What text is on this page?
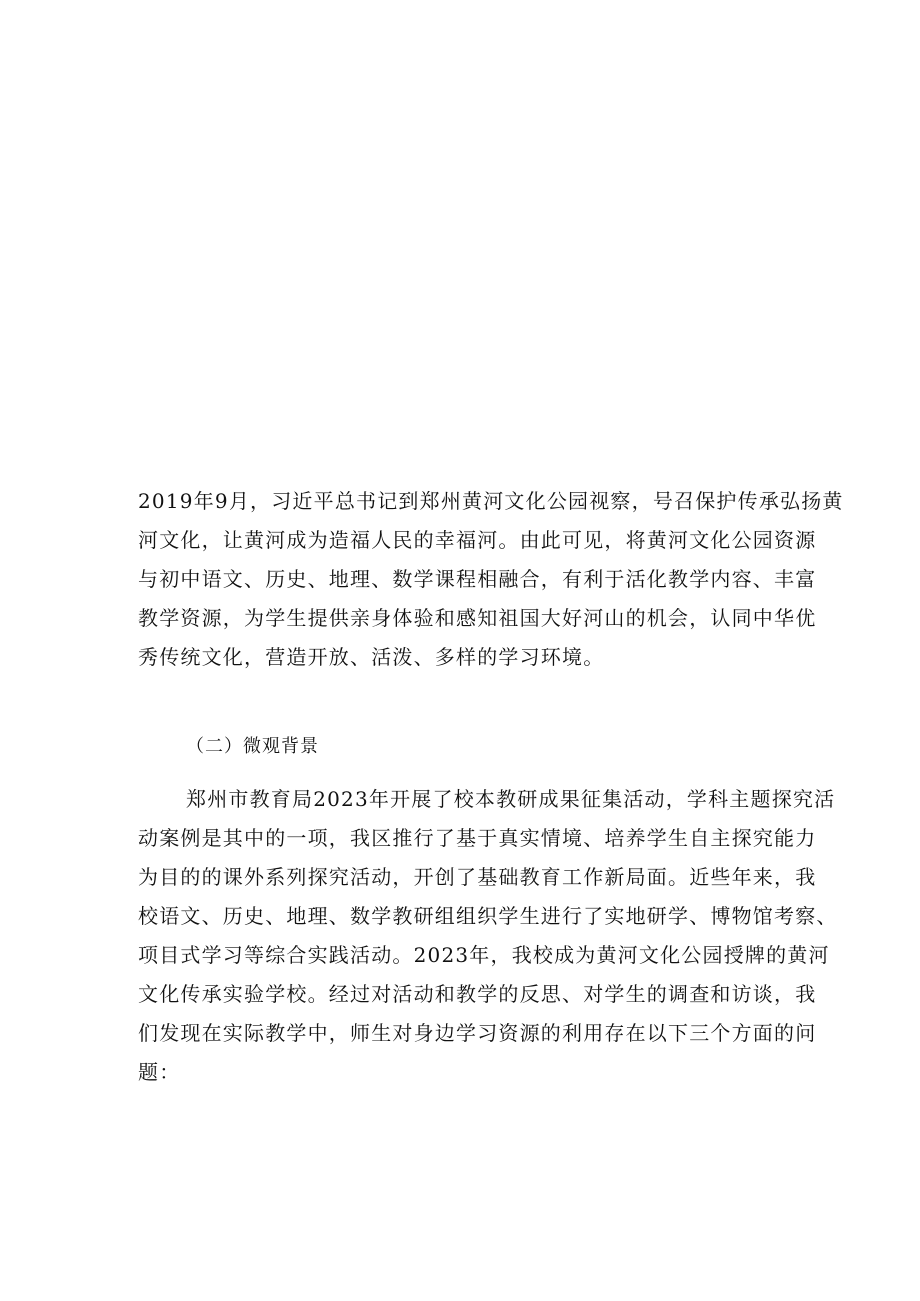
2019年9月，习近平总书记到郑州黄河文化公园视察，号召保护传承弘扬黄
河文化，让黄河成为造福人民的幸福河。由此可见，将黄河文化公园资源
与初中语文、历史、地理、数学课程相融合，有利于活化教学内容、丰富
教学资源，为学生提供亲身体验和感知祖国大好河山的机会，认同中华优
秀传统文化，营造开放、活泼、多样的学习环境。
（二）微观背景
郑州市教育局2023年开展了校本教研成果征集活动，学科主题探究活
动案例是其中的一项，我区推行了基于真实情境、培养学生自主探究能力
为目的的课外系列探究活动，开创了基础教育工作新局面。近些年来，我
校语文、历史、地理、数学教研组组织学生进行了实地研学、博物馆考察、
项目式学习等综合实践活动。2023年，我校成为黄河文化公园授牌的黄河
文化传承实验学校。经过对活动和教学的反思、对学生的调查和访谈，我
们发现在实际教学中，师生对身边学习资源的利用存在以下三个方面的问
题：
